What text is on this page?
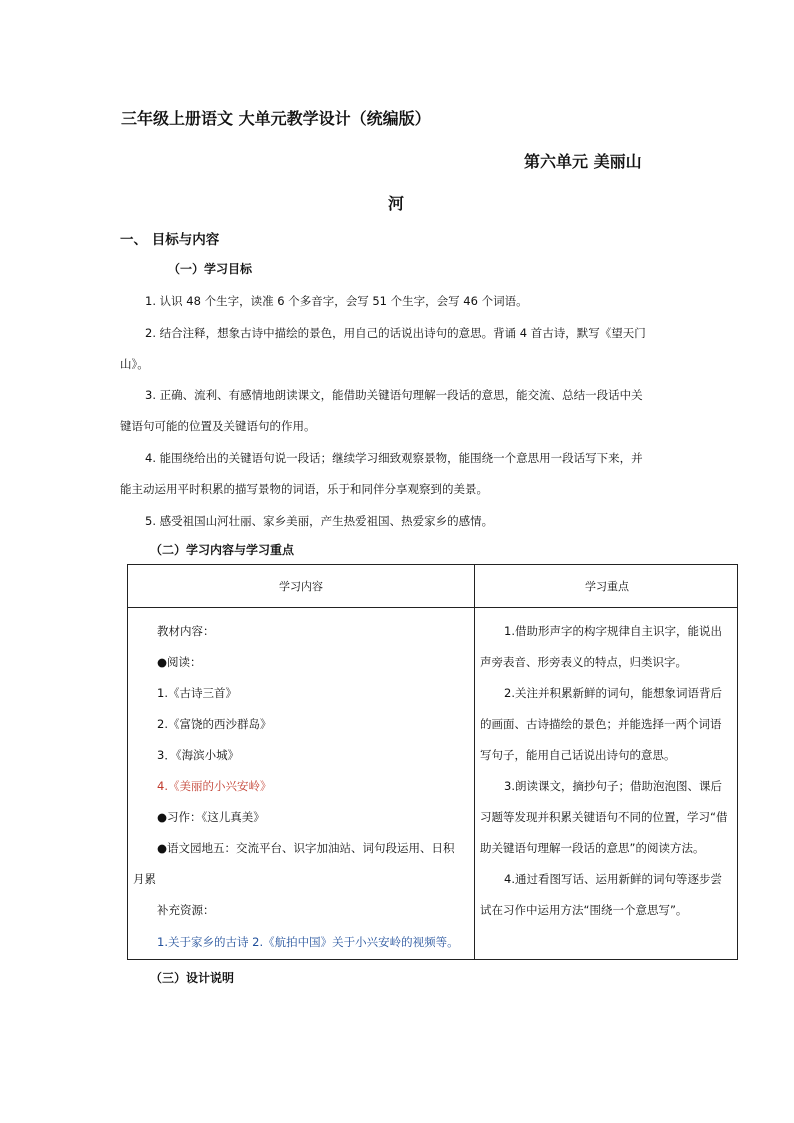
三年级上册语文 大单元教学设计（统编版）
第六单元 美丽山
河
一、 目标与内容
（一）学习目标
1. 认识 48 个生字，读准 6 个多音字，会写 51 个生字，会写 46 个词语。
2. 结合注释，想象古诗中描绘的景色，用自己的话说出诗句的意思。背诵 4 首古诗，默写《望天门
山》。
3. 正确、流利、有感情地朗读课文，能借助关键语句理解一段话的意思，能交流、总结一段话中关
键语句可能的位置及关键语句的作用。
4. 能围绕给出的关键语句说一段话；继续学习细致观察景物，能围绕一个意思用一段话写下来，并
能主动运用平时积累的描写景物的词语，乐于和同伴分享观察到的美景。
5. 感受祖国山河壮丽、家乡美丽，产生热爱祖国、热爱家乡的感情。
（二）学习内容与学习重点
学习内容	学习重点
教材内容：
●阅读：
1.《古诗三首》
2.《富饶的西沙群岛》
3．《海滨小城》
4.《美丽的小兴安岭》
●习作：《这儿真美》
●语文园地五：交流平台、识字加油站、词句段运用、日积
月累
补充资源：
1.关于家乡的古诗 2.《航拍中国》关于小兴安岭的视频等。
1.借助形声字的构字规律自主识字，能说出
声旁表音、形旁表义的特点，归类识字。
2.关注并积累新鲜的词句，能想象词语背后
的画面、古诗描绘的景色；并能选择一两个词语
写句子，能用自己话说出诗句的意思。
3.朗读课文，摘抄句子；借助泡泡图、课后
习题等发现并积累关键语句不同的位置，学习“借
助关键语句理解一段话的意思”的阅读方法。
4.通过看图写话、运用新鲜的词句等逐步尝
试在习作中运用方法“围绕一个意思写”。
（三）设计说明
